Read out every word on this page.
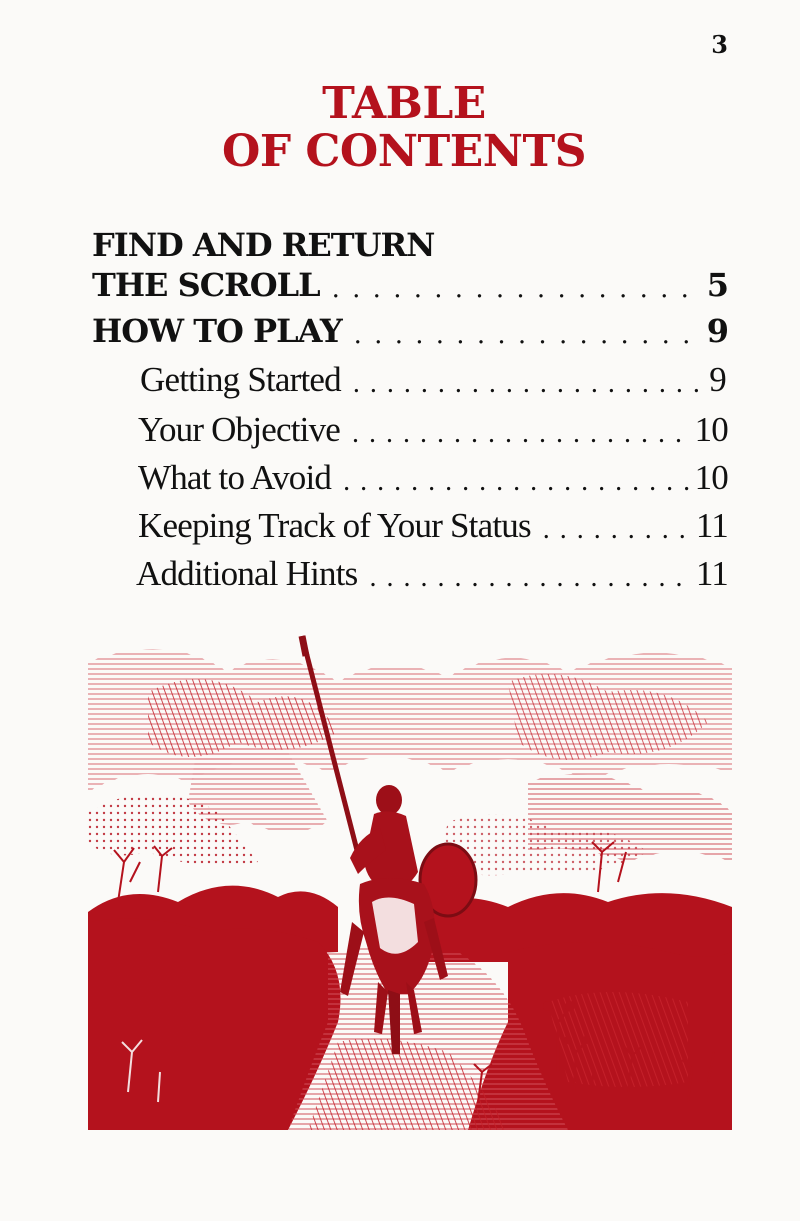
3
TABLE
OF CONTENTS
FIND AND RETURN
THE SCROLL . . .	5
HOW TO PLAY . . .	9
Getting Started . . .	9
Your Objective . . .	10
What to Avoid . . .	10
Keeping Track of Your Status . . .	11
Additional Hints . . .	11
